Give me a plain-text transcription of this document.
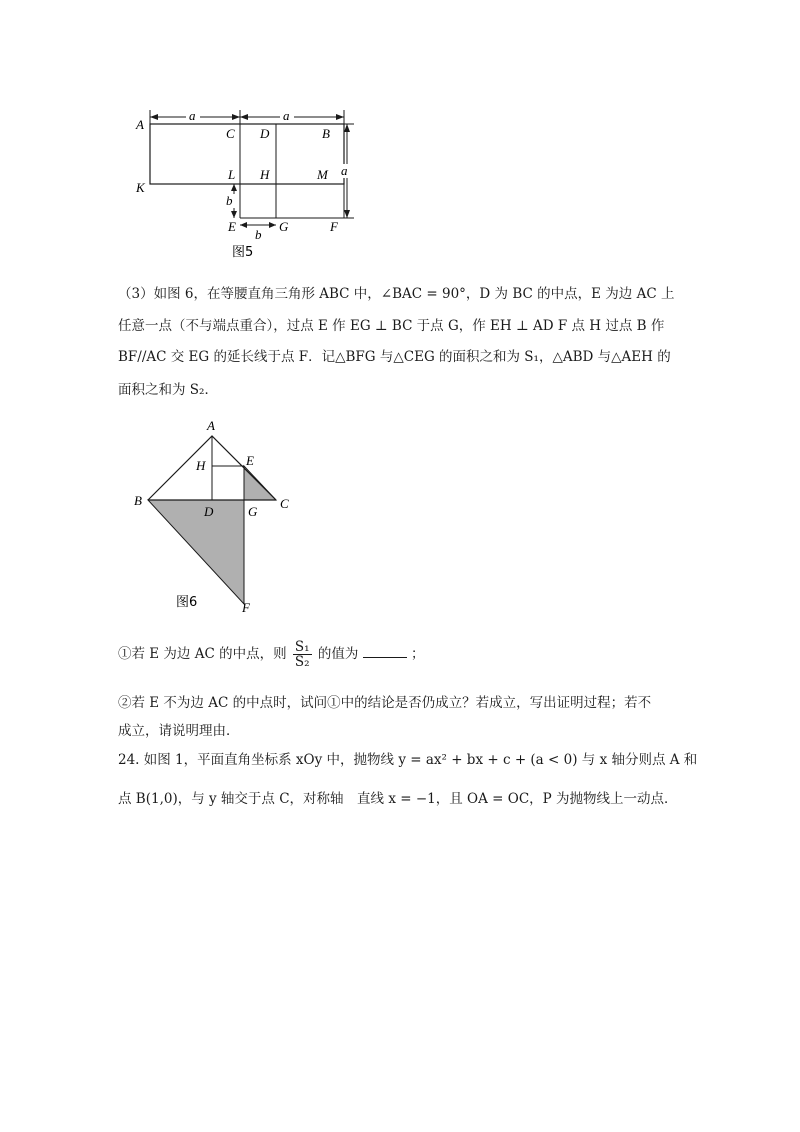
a	a
A
C D	B
a
L H	M
K
b
E
b
G	F
图5
（3）如图 6，在等腰直角三角形 ABC 中，∠BAC = 90°，D 为 BC 的中点，E 为边 AC 上
任意一点（不与端点重合），过点 E 作 EG ⊥ BC 于点 G，作 EH ⊥ AD F 点 H 过点 B 作
BF//AC 交 EG 的延长线于点 F．记△BFG 与△CEG 的面积之和为 S₁，△ABD 与△AEH 的
面积之和为 S₂．
A
H	E
B
D	G
C
F
图6
①若 E 为边 AC 的中点，则 $\frac{\text{S₁}}{\text{S₂}}$ 的值为	；
②若 E 不为边 AC 的中点时，试问①中的结论是否仍成立？若成立，写出证明过程；若不
成立，请说明理由．
24. 如图 1，平面直角坐标系 xOy 中，抛物线 y = ax² + bx + c + (a < 0) 与 x 轴分则点 A 和
点 B(1,0)，与 y 轴交于点 C，对称轴　直线 x = −1，且 OA = OC，P 为抛物线上一动点．
